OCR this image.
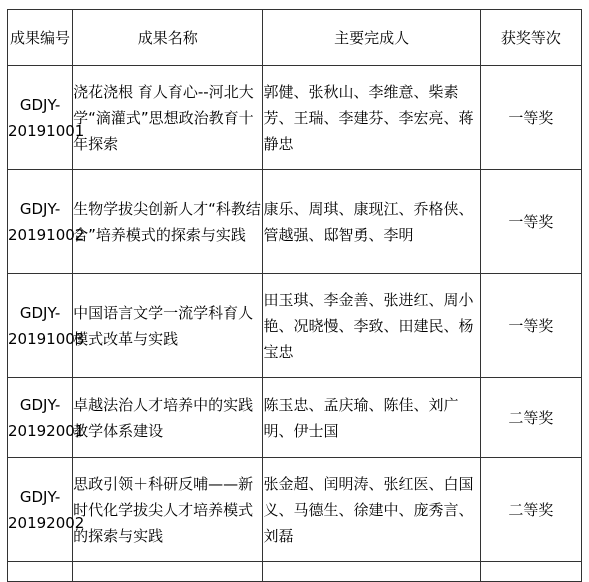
成果编号	成果名称	主要完成人	获奖等次

GDJY-
20191001	浇花浇根 育人育心--河北大学“滴灌式”思想政治教育十年探索	郭健、张秋山、李维意、柴素芳、王瑞、李建芬、李宏亮、蒋静忠	一等奖

GDJY-
20191002	生物学拔尖创新人才“科教结合”培养模式的探索与实践	康乐、周琪、康现江、乔格侠、管越强、邸智勇、李明	一等奖

GDJY-
20191003	中国语言文学一流学科育人模式改革与实践	田玉琪、李金善、张进红、周小艳、况晓慢、李致、田建民、杨宝忠	一等奖

GDJY-
20192001	卓越法治人才培养中的实践教学体系建设	陈玉忠、孟庆瑜、陈佳、刘广明、伊士国	二等奖

GDJY-
20192002	思政引领＋科研反哺——新时代化学拔尖人才培养模式的探索与实践	张金超、闰明涛、张红医、白国义、马德生、徐建中、庞秀言、刘磊	二等奖
